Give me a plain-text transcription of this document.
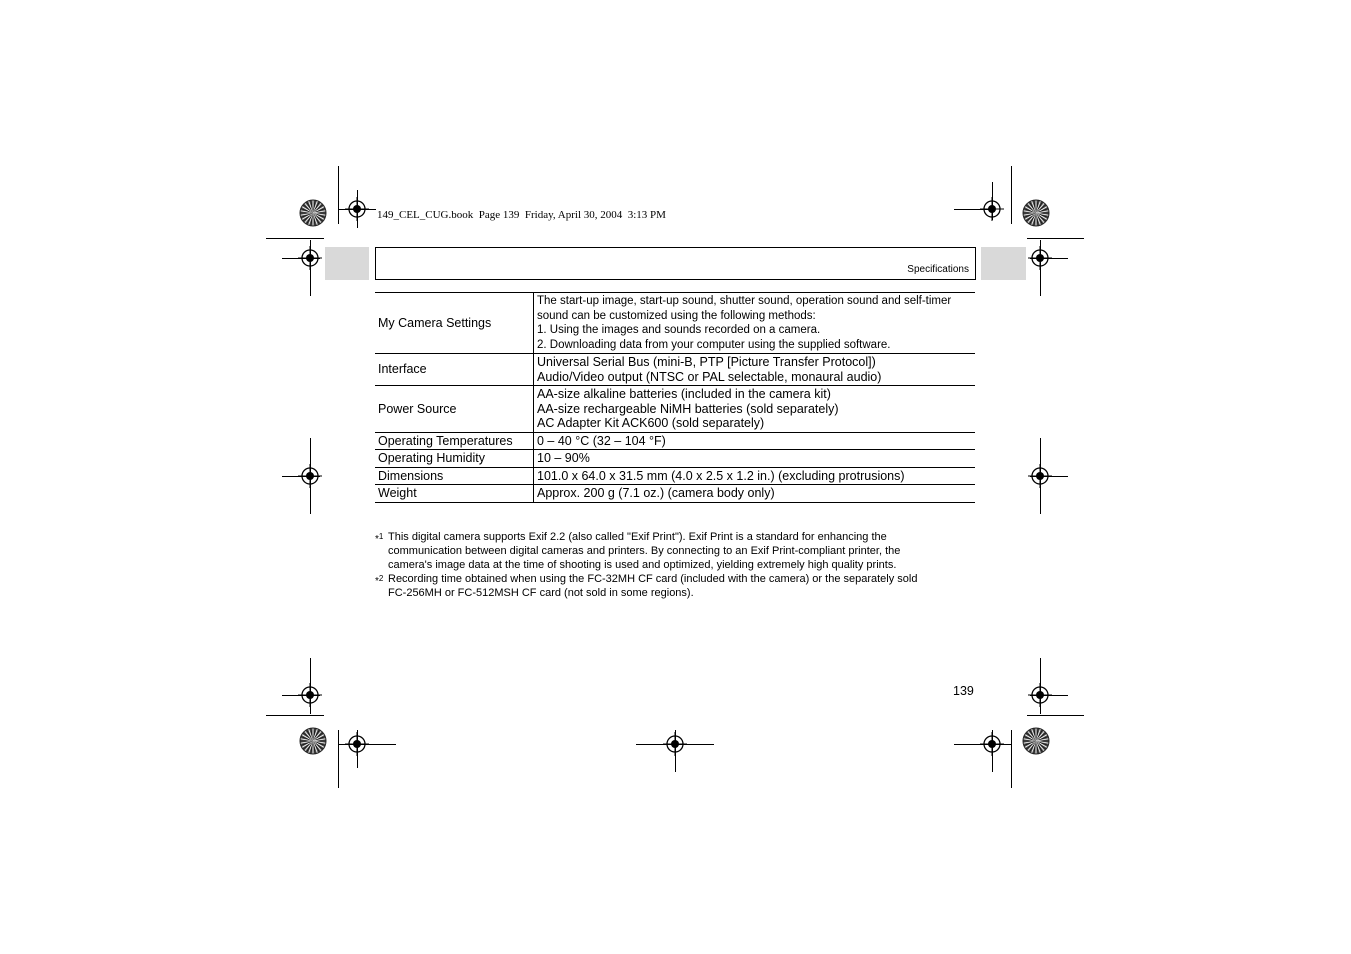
149_CEL_CUG.book  Page 139  Friday, April 30, 2004  3:13 PM
Specifications
My Camera Settings	The start-up image, start-up sound, shutter sound, operation sound and self-timer
sound can be customized using the following methods:
1. Using the images and sounds recorded on a camera.
2. Downloading data from your computer using the supplied software.

Interface	Universal Serial Bus (mini-B, PTP [Picture Transfer Protocol])
Audio/Video output (NTSC or PAL selectable, monaural audio)

Power Source	AA-size alkaline batteries (included in the camera kit)
AA-size rechargeable NiMH batteries (sold separately)
AC Adapter Kit ACK600 (sold separately)

Operating Temperatures	0 – 40 °C (32 – 104 °F)

Operating Humidity	10 – 90%

Dimensions	101.0 x 64.0 x 31.5 mm (4.0 x 2.5 x 1.2 in.) (excluding protrusions)

Weight	Approx. 200 g (7.1 oz.) (camera body only)
*$^1$ This digital camera supports Exif 2.2 (also called "Exif Print"). Exif Print is a standard for enhancing the
communication between digital cameras and printers. By connecting to an Exif Print-compliant printer, the
camera's image data at the time of shooting is used and optimized, yielding extremely high quality prints.
*$^2$ Recording time obtained when using the FC-32MH CF card (included with the camera) or the separately sold
FC-256MH or FC-512MSH CF card (not sold in some regions).
139
